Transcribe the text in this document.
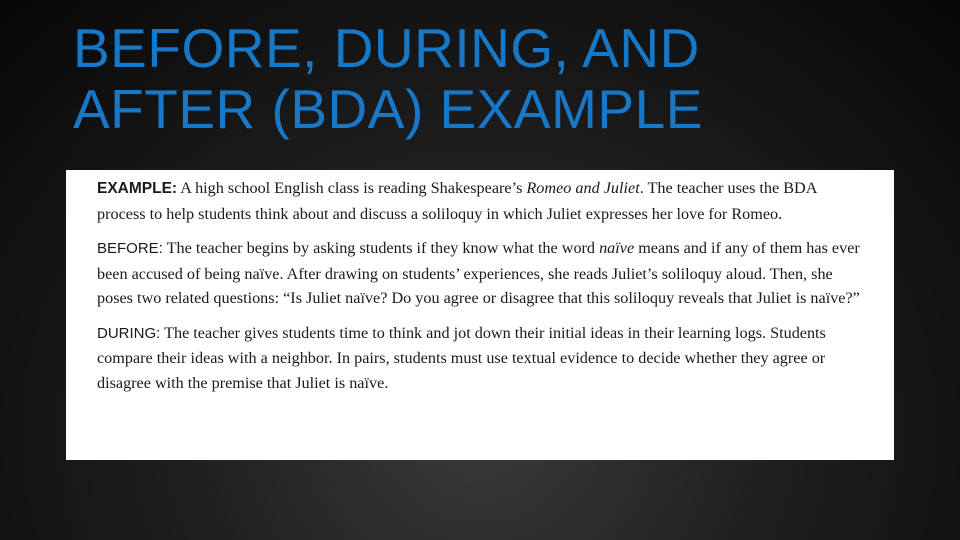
BEFORE, DURING, AND
AFTER (BDA) EXAMPLE

EXAMPLE: A high school English class is reading Shakespeare’s Romeo and Juliet. The teacher uses the BDA process to help students think about and discuss a soliloquy in which Juliet expresses her love for Romeo.

BEFORE: The teacher begins by asking students if they know what the word naïve means and if any of them has ever been accused of being naïve. After drawing on students’ experiences, she reads Juliet’s soliloquy aloud. Then, she poses two related questions: “Is Juliet naïve? Do you agree or disagree that this soliloquy reveals that Juliet is naïve?”

DURING: The teacher gives students time to think and jot down their initial ideas in their learning logs. Students compare their ideas with a neighbor. In pairs, students must use textual evidence to decide whether they agree or disagree with the premise that Juliet is naïve.
